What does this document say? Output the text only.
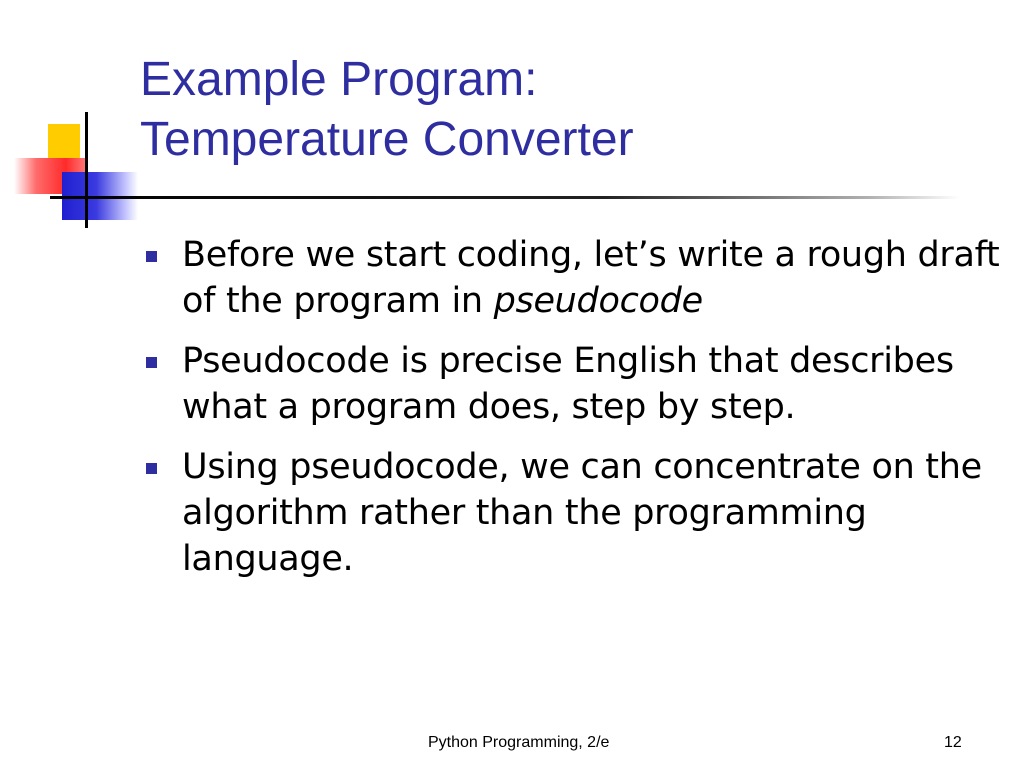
Example Program:
Temperature Converter
Before we start coding, let’s write a rough draft of the program in pseudocode
Pseudocode is precise English that describes what a program does, step by step.
Using pseudocode, we can concentrate on the algorithm rather than the programming language.
Python Programming, 2/e	12
